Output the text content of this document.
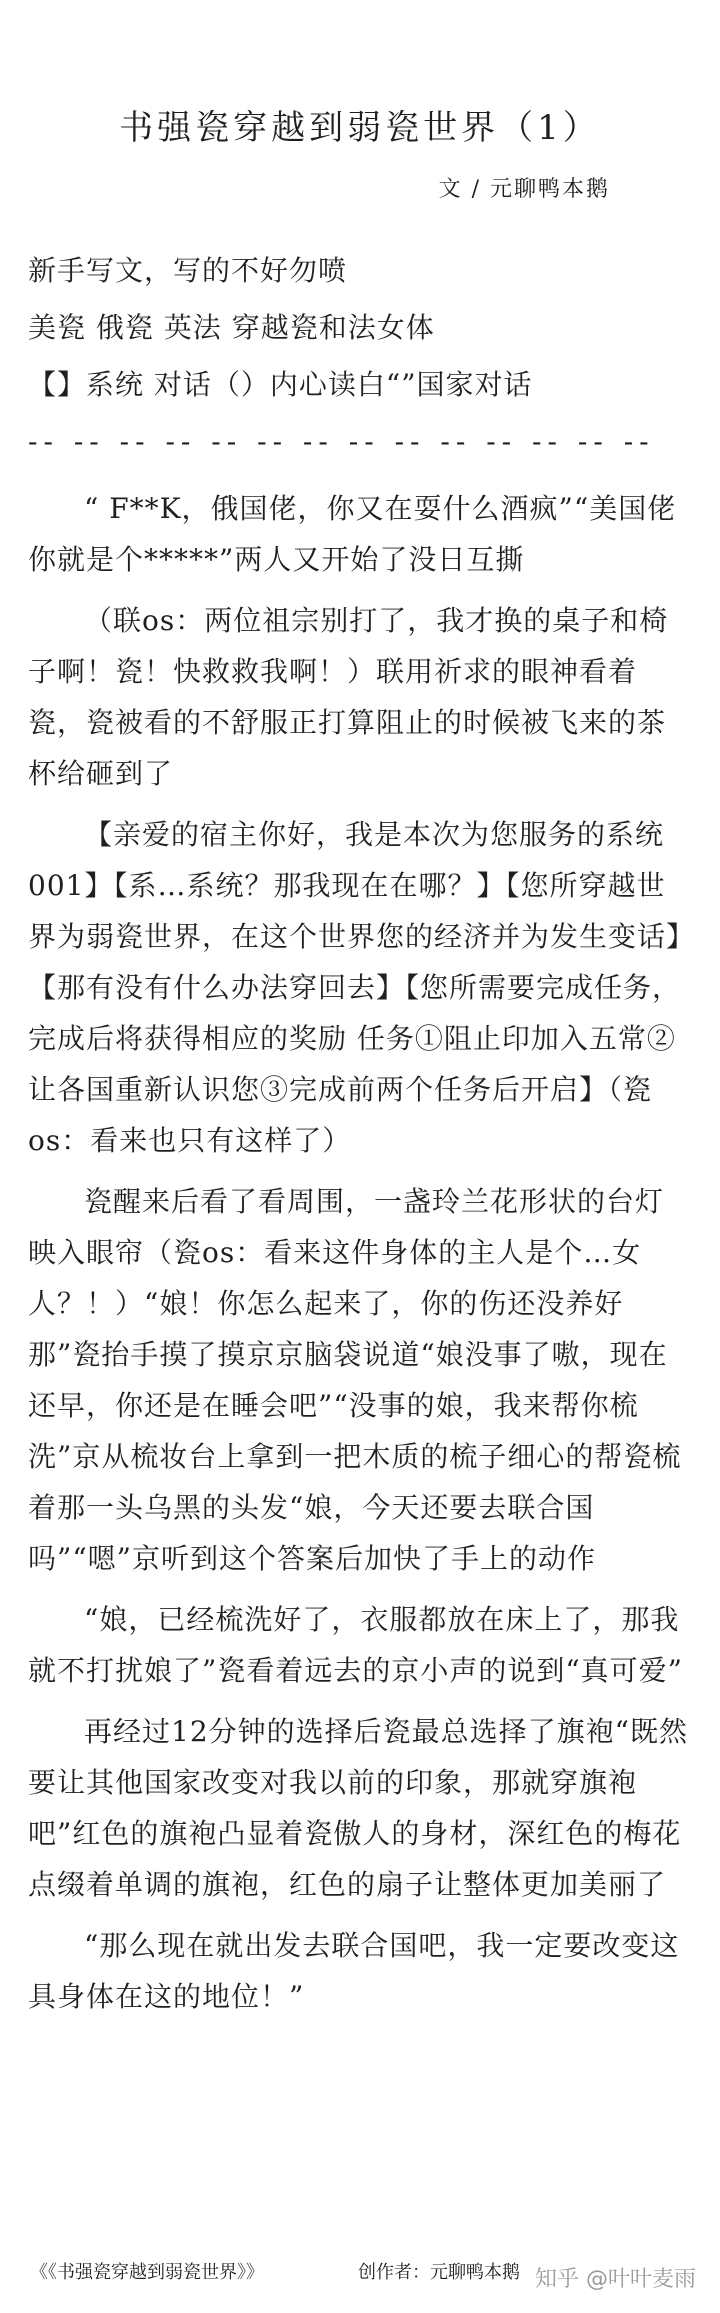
书强瓷穿越到弱瓷世界（1）
文 / 元聊鸭本鹅

新手写文，写的不好勿喷

美瓷 俄瓷 英法 穿越瓷和法女体

【】系统 对话（）内心读白“”国家对话

-- -- -- -- -- -- -- -- -- -- -- -- -- --

“ F**K，俄国佬，你又在耍什么酒疯”“美国佬你就是个*****”两人又开始了没日互撕

（联os：两位祖宗别打了，我才换的桌子和椅子啊！瓷！快救救我啊！）联用祈求的眼神看着瓷，瓷被看的不舒服正打算阻止的时候被飞来的茶杯给砸到了

【亲爱的宿主你好，我是本次为您服务的系统001】【系…系统？那我现在在哪？】【您所穿越世界为弱瓷世界，在这个世界您的经济并为发生变话】【那有没有什么办法穿回去】【您所需要完成任务，完成后将获得相应的奖励 任务①阻止印加入五常②让各国重新认识您③完成前两个任务后开启】（瓷os：看来也只有这样了）

瓷醒来后看了看周围，一盏玲兰花形状的台灯映入眼帘（瓷os：看来这件身体的主人是个…女人？！）“娘！你怎么起来了，你的伤还没养好那”瓷抬手摸了摸京京脑袋说道“娘没事了嗷，现在还早，你还是在睡会吧”“没事的娘，我来帮你梳洗”京从梳妆台上拿到一把木质的梳子细心的帮瓷梳着那一头乌黑的头发“娘，今天还要去联合国吗”“嗯”京听到这个答案后加快了手上的动作

“娘，已经梳洗好了，衣服都放在床上了，那我就不打扰娘了”瓷看着远去的京小声的说到“真可爱”

再经过12分钟的选择后瓷最总选择了旗袍“既然要让其他国家改变对我以前的印象，那就穿旗袍吧”红色的旗袍凸显着瓷傲人的身材，深红色的梅花点缀着单调的旗袍，红色的扇子让整体更加美丽了

“那么现在就出发去联合国吧，我一定要改变这具身体在这的地位！”

《《书强瓷穿越到弱瓷世界》》	知乎 @叶叶麦雨
创作者：元聊鸭本鹅
